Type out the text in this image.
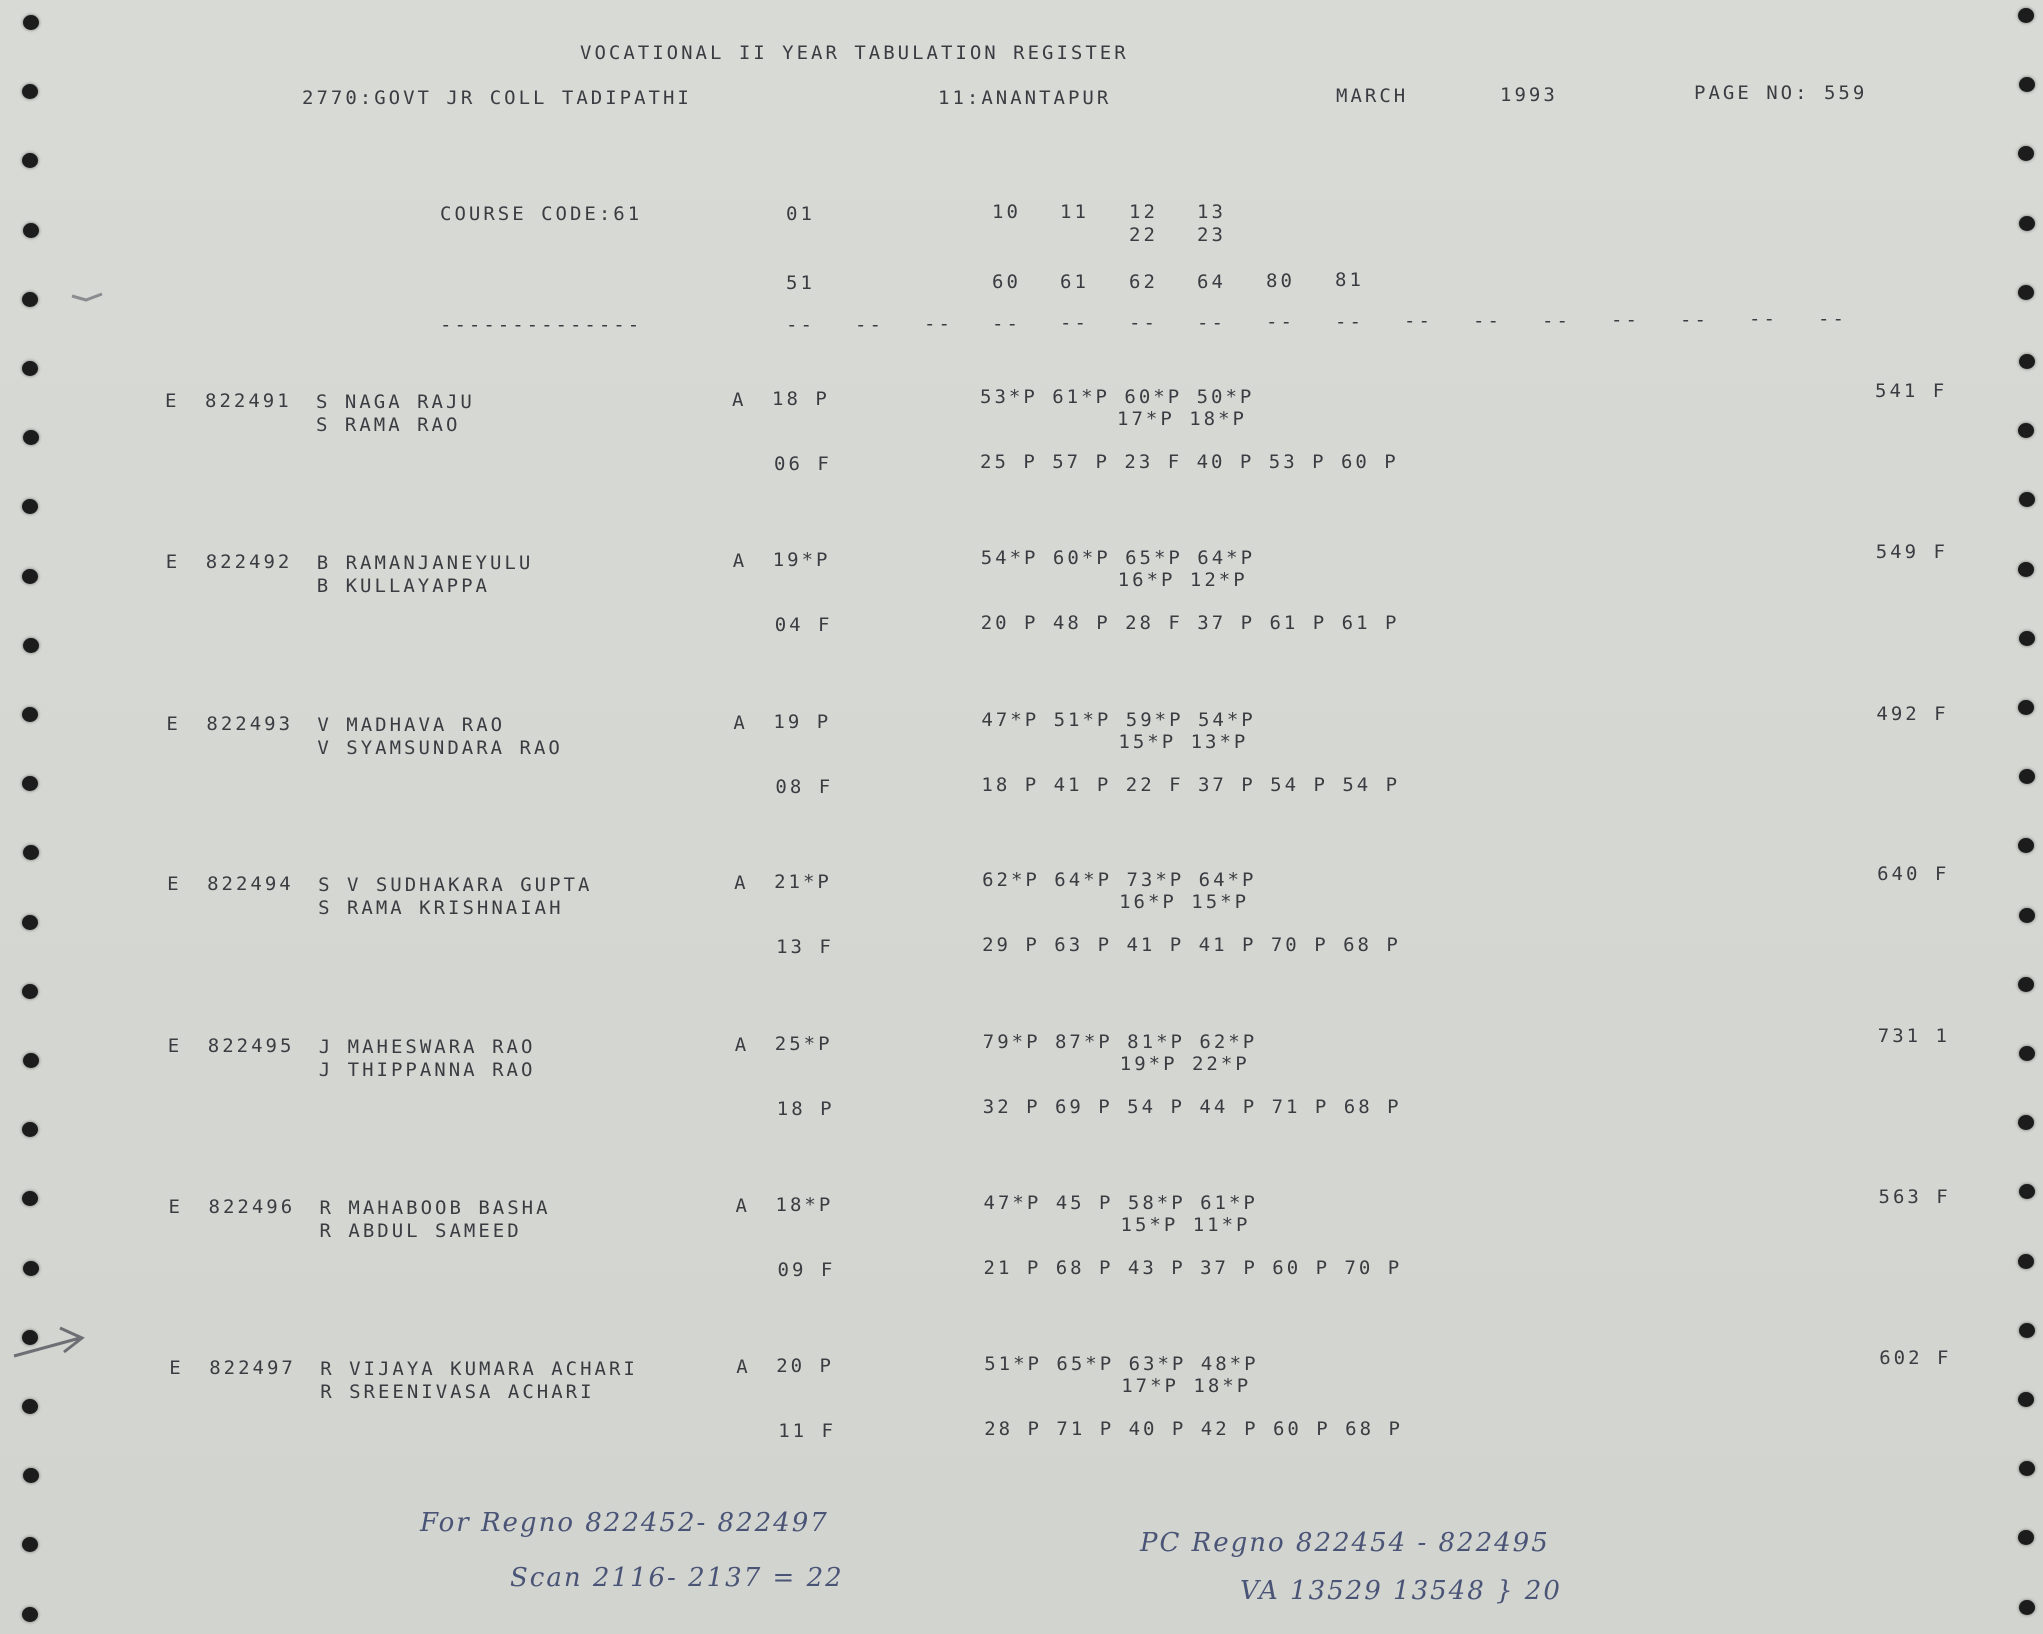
VOCATIONAL II YEAR TABULATION REGISTER
2770:GOVT JR COLL TADIPATHI	11:ANANTAPUR	MARCH	1993	PAGE NO: 559
COURSE CODE:61	01	10 11 12 13
22 23
51	60 61 62 64 80 81
--------------	-- -- -- -- -- -- -- -- -- -- -- -- -- -- -- --
E 822491 S NAGA RAJU
S RAMA RAO
A 18 P	53*P 61*P 60*P 50*P
17*P 18*P
06 F	25 P 57 P 23 F 40 P 53 P 60 P
541 F
E 822492 B RAMANJANEYULU
B KULLAYAPPA
A 19*P	54*P 60*P 65*P 64*P
16*P 12*P
04 F	20 P 48 P 28 F 37 P 61 P 61 P
549 F
E 822493 V MADHAVA RAO
V SYAMSUNDARA RAO
A 19 P	47*P 51*P 59*P 54*P
15*P 13*P
08 F	18 P 41 P 22 F 37 P 54 P 54 P
492 F
E 822494 S V SUDHAKARA GUPTA
S RAMA KRISHNAIAH
A 21*P	62*P 64*P 73*P 64*P
16*P 15*P
13 F	29 P 63 P 41 P 41 P 70 P 68 P
640 F
E 822495 J MAHESWARA RAO
J THIPPANNA RAO
A 25*P	79*P 87*P 81*P 62*P
19*P 22*P
18 P	32 P 69 P 54 P 44 P 71 P 68 P
731 1
E 822496 R MAHABOOB BASHA
R ABDUL SAMEED
A 18*P	47*P 45 P 58*P 61*P
15*P 11*P
09 F	21 P 68 P 43 P 37 P 60 P 70 P
563 F
E 822497 R VIJAYA KUMARA ACHARI
R SREENIVASA ACHARI
A 20 P	51*P 65*P 63*P 48*P
17*P 18*P
11 F	28 P 71 P 40 P 42 P 60 P 68 P
602 F
For Regno 822452- 822497
Scan 2116- 2137 = 22
PC Regno 822454 - 822495
VA 13529 13548 } 20
